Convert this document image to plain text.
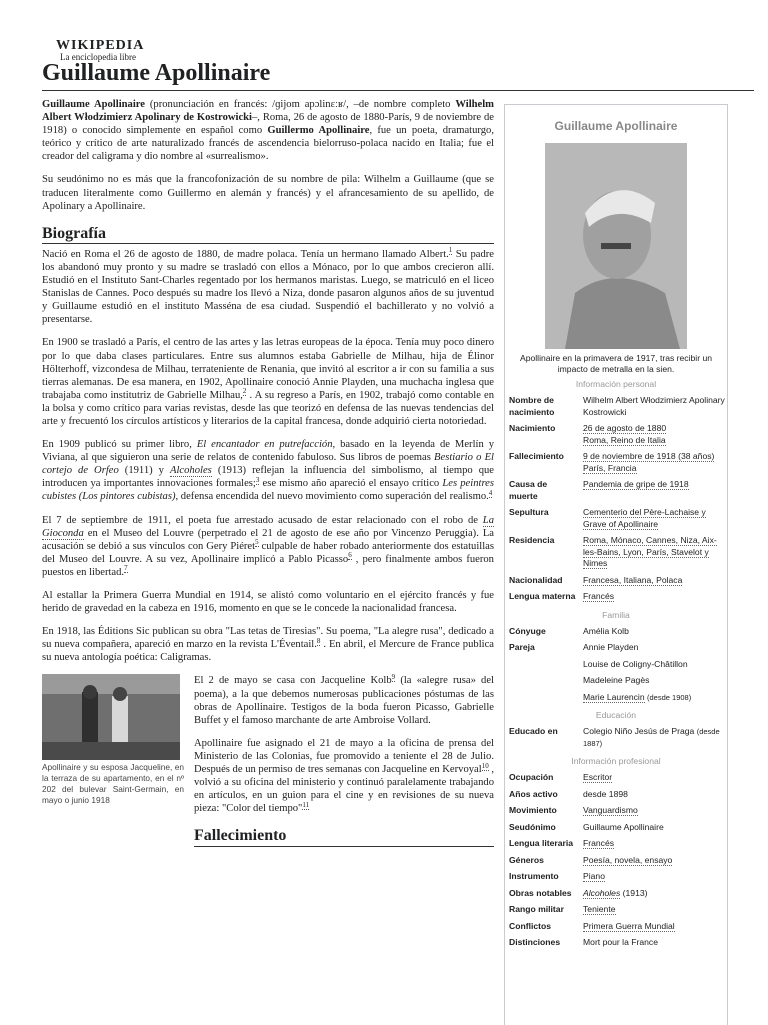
WIKIPEDIA
La enciclopedia libre
Guillaume Apollinaire

Guillaume Apollinaire (pronunciación en francés: /ɡijom apɔlinɛːʁ/, –de nombre completo Wilhelm Albert Włodzimierz Apolinary de Kostrowicki–, Roma, 26 de agosto de 1880-París, 9 de noviembre de 1918) o conocido simplemente en español como Guillermo Apollinaire, fue un poeta, dramaturgo, teórico y crítico de arte naturalizado francés de ascendencia bielorruso-polaca nacido en Italia; fue el creador del caligrama y dio nombre al «surrealismo».

Su seudónimo no es más que la francofonización de su nombre de pila: Wilhelm a Guillaume (que se traducen literalmente como Guillermo en alemán y francés) y el afrancesamiento de su apellido, de Apolinary a Apollinaire.

Biografía

Nació en Roma el 26 de agosto de 1880, de madre polaca. Tenía un hermano llamado Albert.$^1$ Su padre los abandonó muy pronto y su madre se trasladó con ellos a Mónaco, por lo que ambos crecieron allí. Estudió en el Instituto Sant-Charles regentado por los hermanos maristas. Luego, se matriculó en el liceo Stanislas de Cannes. Poco después su madre los llevó a Niza, donde pasaron algunos años de su juventud y Guillaume estudió en el instituto Masséna de esa ciudad. Suspendió el bachillerato y no volvió a presentarse.

En 1900 se trasladó a París, el centro de las artes y las letras europeas de la época. Tenía muy poco dinero por lo que daba clases particulares. Entre sus alumnos estaba Gabrielle de Milhau, hija de Élinor Hölterhoff, vizcondesa de Milhau, terrateniente de Renania, que invitó al escritor a ir con su familia a sus tierras alemanas. De esa manera, en 1902, Apollinaire conoció Annie Playden, una muchacha inglesa que trabajaba como institutriz de Gabrielle Milhau,$^2$ . A su regreso a París, en 1902, trabajó como contable en la bolsa y como crítico para varias revistas, desde las que teorizó en defensa de las nuevas tendencias del arte y frecuentó los círculos artísticos y literarios de la capital francesa, donde adquirió cierta notoriedad.

En 1909 publicó su primer libro, El encantador en putrefacción, basado en la leyenda de Merlín y Viviana, al que siguieron una serie de relatos de contenido fabuloso. Sus libros de poemas Bestiario o El cortejo de Orfeo (1911) y Alcoholes (1913) reflejan la influencia del simbolismo, al tiempo que introducen ya importantes innovaciones formales;$^3$ ese mismo año apareció el ensayo crítico Les peintres cubistes (Los pintores cubistas), defensa encendida del nuevo movimiento como superación del realismo.$^4$

El 7 de septiembre de 1911, el poeta fue arrestado acusado de estar relacionado con el robo de La Gioconda en el Museo del Louvre (perpetrado el 21 de agosto de ese año por Vincenzo Peruggia). La acusación se debió a sus vínculos con Gery Piéret$^5$ culpable de haber robado anteriormente dos estatuillas del Museo del Louvre. A su vez, Apollinaire implicó a Pablo Picasso$^6$ , pero finalmente ambos fueron puestos en libertad.$^7$

Al estallar la Primera Guerra Mundial en 1914, se alistó como voluntario en el ejército francés y fue herido de gravedad en la cabeza en 1916, momento en que se le concede la nacionalidad francesa.

En 1918, las Éditions Sic publican su obra "Las tetas de Tiresias". Su poema, "La alegre rusa", dedicado a su nueva compañera, apareció en marzo en la revista L'Éventail.$^8$ . En abril, el Mercure de France publica su nueva antología poética: Caligramas.

Apollinaire y su esposa Jacqueline, en la terraza de su apartamento, en el nº 202 del bulevar Saint-Germain, en mayo o junio 1918

El 2 de mayo se casa con Jacqueline Kolb$^9$ (la «alegre rusa» del poema), a la que debemos numerosas publicaciones póstumas de las obras de Apollinaire. Testigos de la boda fueron Picasso, Gabrielle Buffet y el famoso marchante de arte Ambroise Vollard.

Apollinaire fue asignado el 21 de mayo a la oficina de prensa del Ministerio de las Colonias, fue promovido a teniente el 28 de Julio. Después de un permiso de tres semanas con Jacqueline en Kervoyal$^{10}$ , volvió a su oficina del ministerio y continuó paralelamente trabajando en artículos, en un guion para el cine y en revisiones de su nueva pieza: "Color del tiempo"$^{11}$

Fallecimiento
Guillaume Apollinaire
Apollinaire en la primavera de 1917, tras recibir un impacto de metralla en la sien.
Información personal
Nombre de nacimiento	Wilhelm Albert Włodzimierz Apolinary Kostrowicki
Nacimiento	26 de agosto de 1880
Roma, Reino de Italia
Fallecimiento	9 de noviembre de 1918 (38 años)
París, Francia
Causa de muerte	Pandemia de gripe de 1918
Sepultura	Cementerio del Père-Lachaise y Grave of Apollinaire
Residencia	Roma, Mónaco, Cannes, Niza, Aix-les-Bains, Lyon, París, Stavelot y Nimes
Nacionalidad	Francesa, Italiana, Polaca
Lengua materna	Francés
Familia
Cónyuge	Amélia Kolb
Pareja	Annie Playden
Louise de Coligny-Châtillon
Madeleine Pagès
Marie Laurencin (desde 1908)
Educación
Educado en	Colegio Niño Jesús de Praga (desde 1887)
Información profesional
Ocupación	Escritor
Años activo	desde 1898
Movimiento	Vanguardismo
Seudónimo	Guillaume Apollinaire
Lengua literaria	Francés
Géneros	Poesía, novela, ensayo
Instrumento	Piano
Obras notables	Alcoholes (1913)
Rango militar	Teniente
Conflictos	Primera Guerra Mundial
Distinciones	Mort pour la France
